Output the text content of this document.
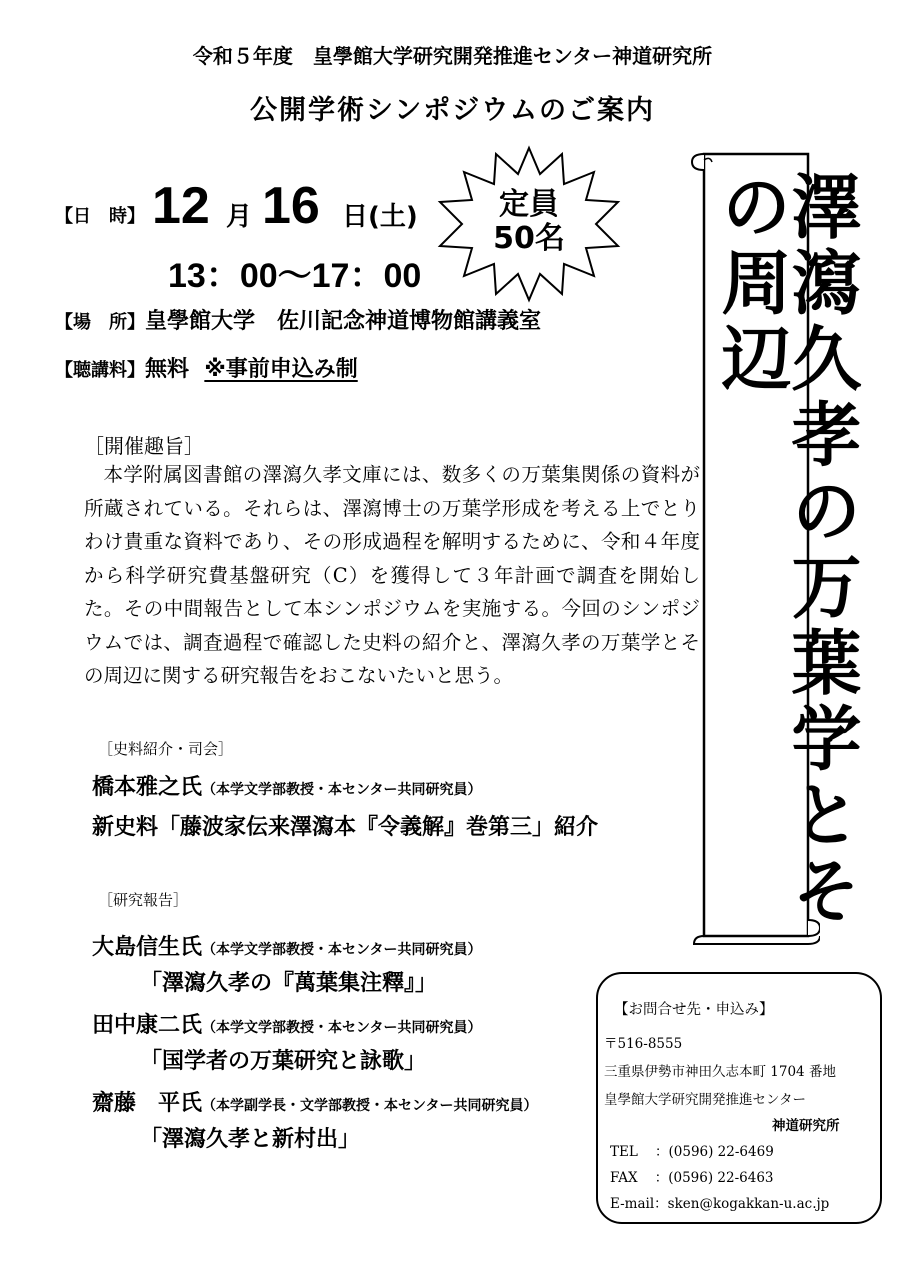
令和５年度　皇學館大学研究開発推進センター神道研究所
公開学術シンポジウムのご案内
【日　時】 12 月 16 日(土)
13：00～17：00
定員
50名
【場　所】皇學館大学　佐川記念神道博物館講義室
【聴講料】無料 ※事前申込み制	澤瀉久孝の万葉学とその周辺
［開催趣旨］
本学附属図書館の澤瀉久孝文庫には、数多くの万葉集関係の資料が所蔵されている。それらは、澤瀉博士の万葉学形成を考える上でとりわけ貴重な資料であり、その形成過程を解明するために、令和４年度から科学研究費基盤研究（C）を獲得して３年計画で調査を開始した。その中間報告として本シンポジウムを実施する。今回のシンポジウムでは、調査過程で確認した史料の紹介と、澤瀉久孝の万葉学とその周辺に関する研究報告をおこないたいと思う。
［史料紹介・司会］
橋本雅之氏（本学文学部教授・本センター共同研究員）
新史料「藤波家伝来澤瀉本『令義解』巻第三」紹介
［研究報告］
大島信生氏（本学文学部教授・本センター共同研究員）
「澤瀉久孝の『萬葉集注釋』」
田中康二氏（本学文学部教授・本センター共同研究員）
「国学者の万葉研究と詠歌」
齋藤　平氏（本学副学長・文学部教授・本センター共同研究員）
「澤瀉久孝と新村出」
【お問合せ先・申込み】
〒516-8555
三重県伊勢市神田久志本町 1704 番地
皇學館大学研究開発推進センター
神道研究所
TEL ：(0596) 22-6469
FAX ：(0596) 22-6463
E-mail：sken@kogakkan-u.ac.jp
